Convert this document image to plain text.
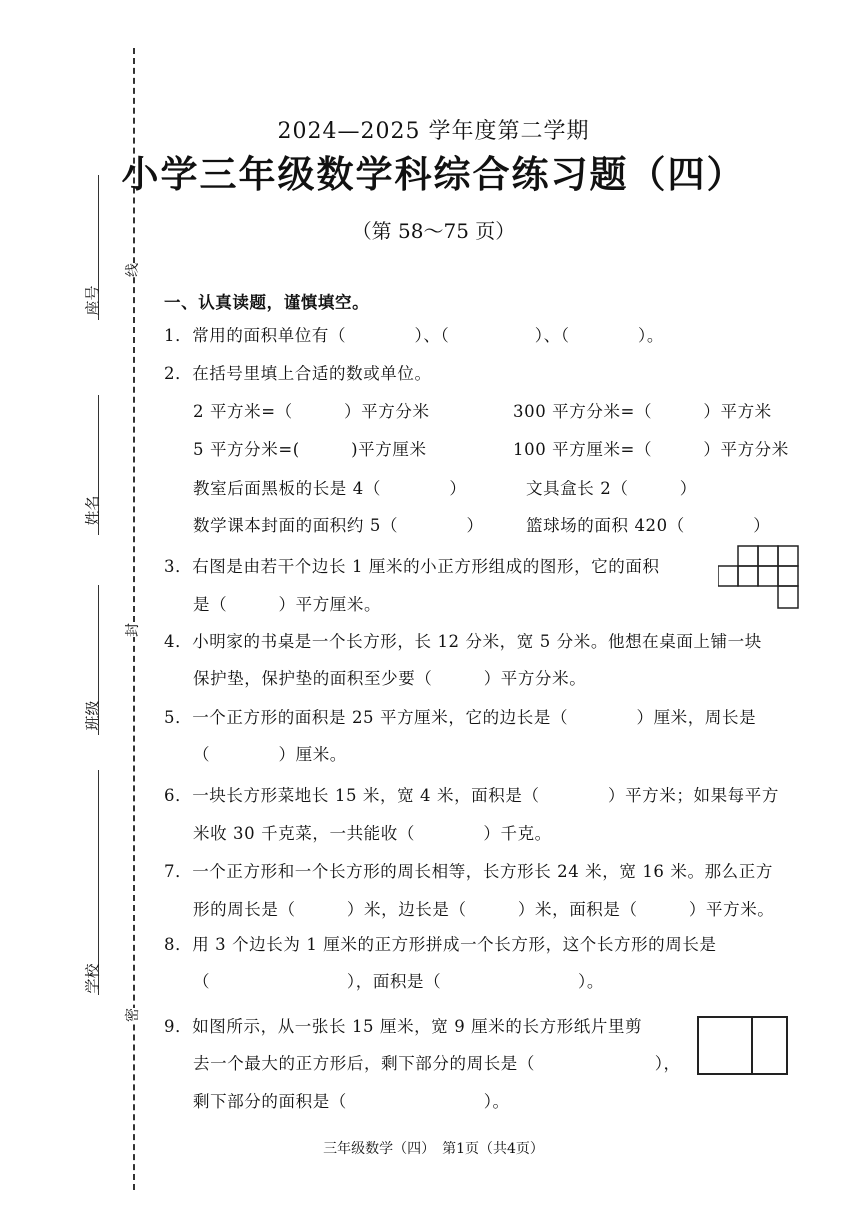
座号
姓名
班级
学校
线
封
密
2024—2025 学年度第二学期
小学三年级数学科综合练习题（四）
（第 58～75 页）
一、认真读题，谨慎填空。
1．常用的面积单位有（　　　　）、（　　　　　）、（　　　　）。
2．在括号里填上合适的数或单位。
2 平方米=（　　　）平方分米	300 平方分米=（　　　）平方米
5 平方分米=(　　　)平方厘米	100 平方厘米=（　　　）平方分米
教室后面黑板的长是 4（　　　　）	文具盒长 2（　　　）
数学课本封面的面积约 5（　　　　）	篮球场的面积 420（　　　　）
3．右图是由若干个边长 1 厘米的小正方形组成的图形，它的面积
是（　　　）平方厘米。
4．小明家的书桌是一个长方形，长 12 分米，宽 5 分米。他想在桌面上铺一块
保护垫，保护垫的面积至少要（　　　）平方分米。
5．一个正方形的面积是 25 平方厘米，它的边长是（　　　　）厘米，周长是
（　　　　）厘米。
6．一块长方形菜地长 15 米，宽 4 米，面积是（　　　　）平方米；如果每平方
米收 30 千克菜，一共能收（　　　　）千克。
7．一个正方形和一个长方形的周长相等，长方形长 24 米，宽 16 米。那么正方
形的周长是（　　　）米，边长是（　　　）米，面积是（　　　）平方米。
8．用 3 个边长为 1 厘米的正方形拼成一个长方形，这个长方形的周长是
（　　　　　　　　），面积是（　　　　　　　　）。
9．如图所示，从一张长 15 厘米，宽 9 厘米的长方形纸片里剪
去一个最大的正方形后，剩下部分的周长是（　　　　　　　），
剩下部分的面积是（　　　　　　　　）。
三年级数学（四）　第1页（共4页）
